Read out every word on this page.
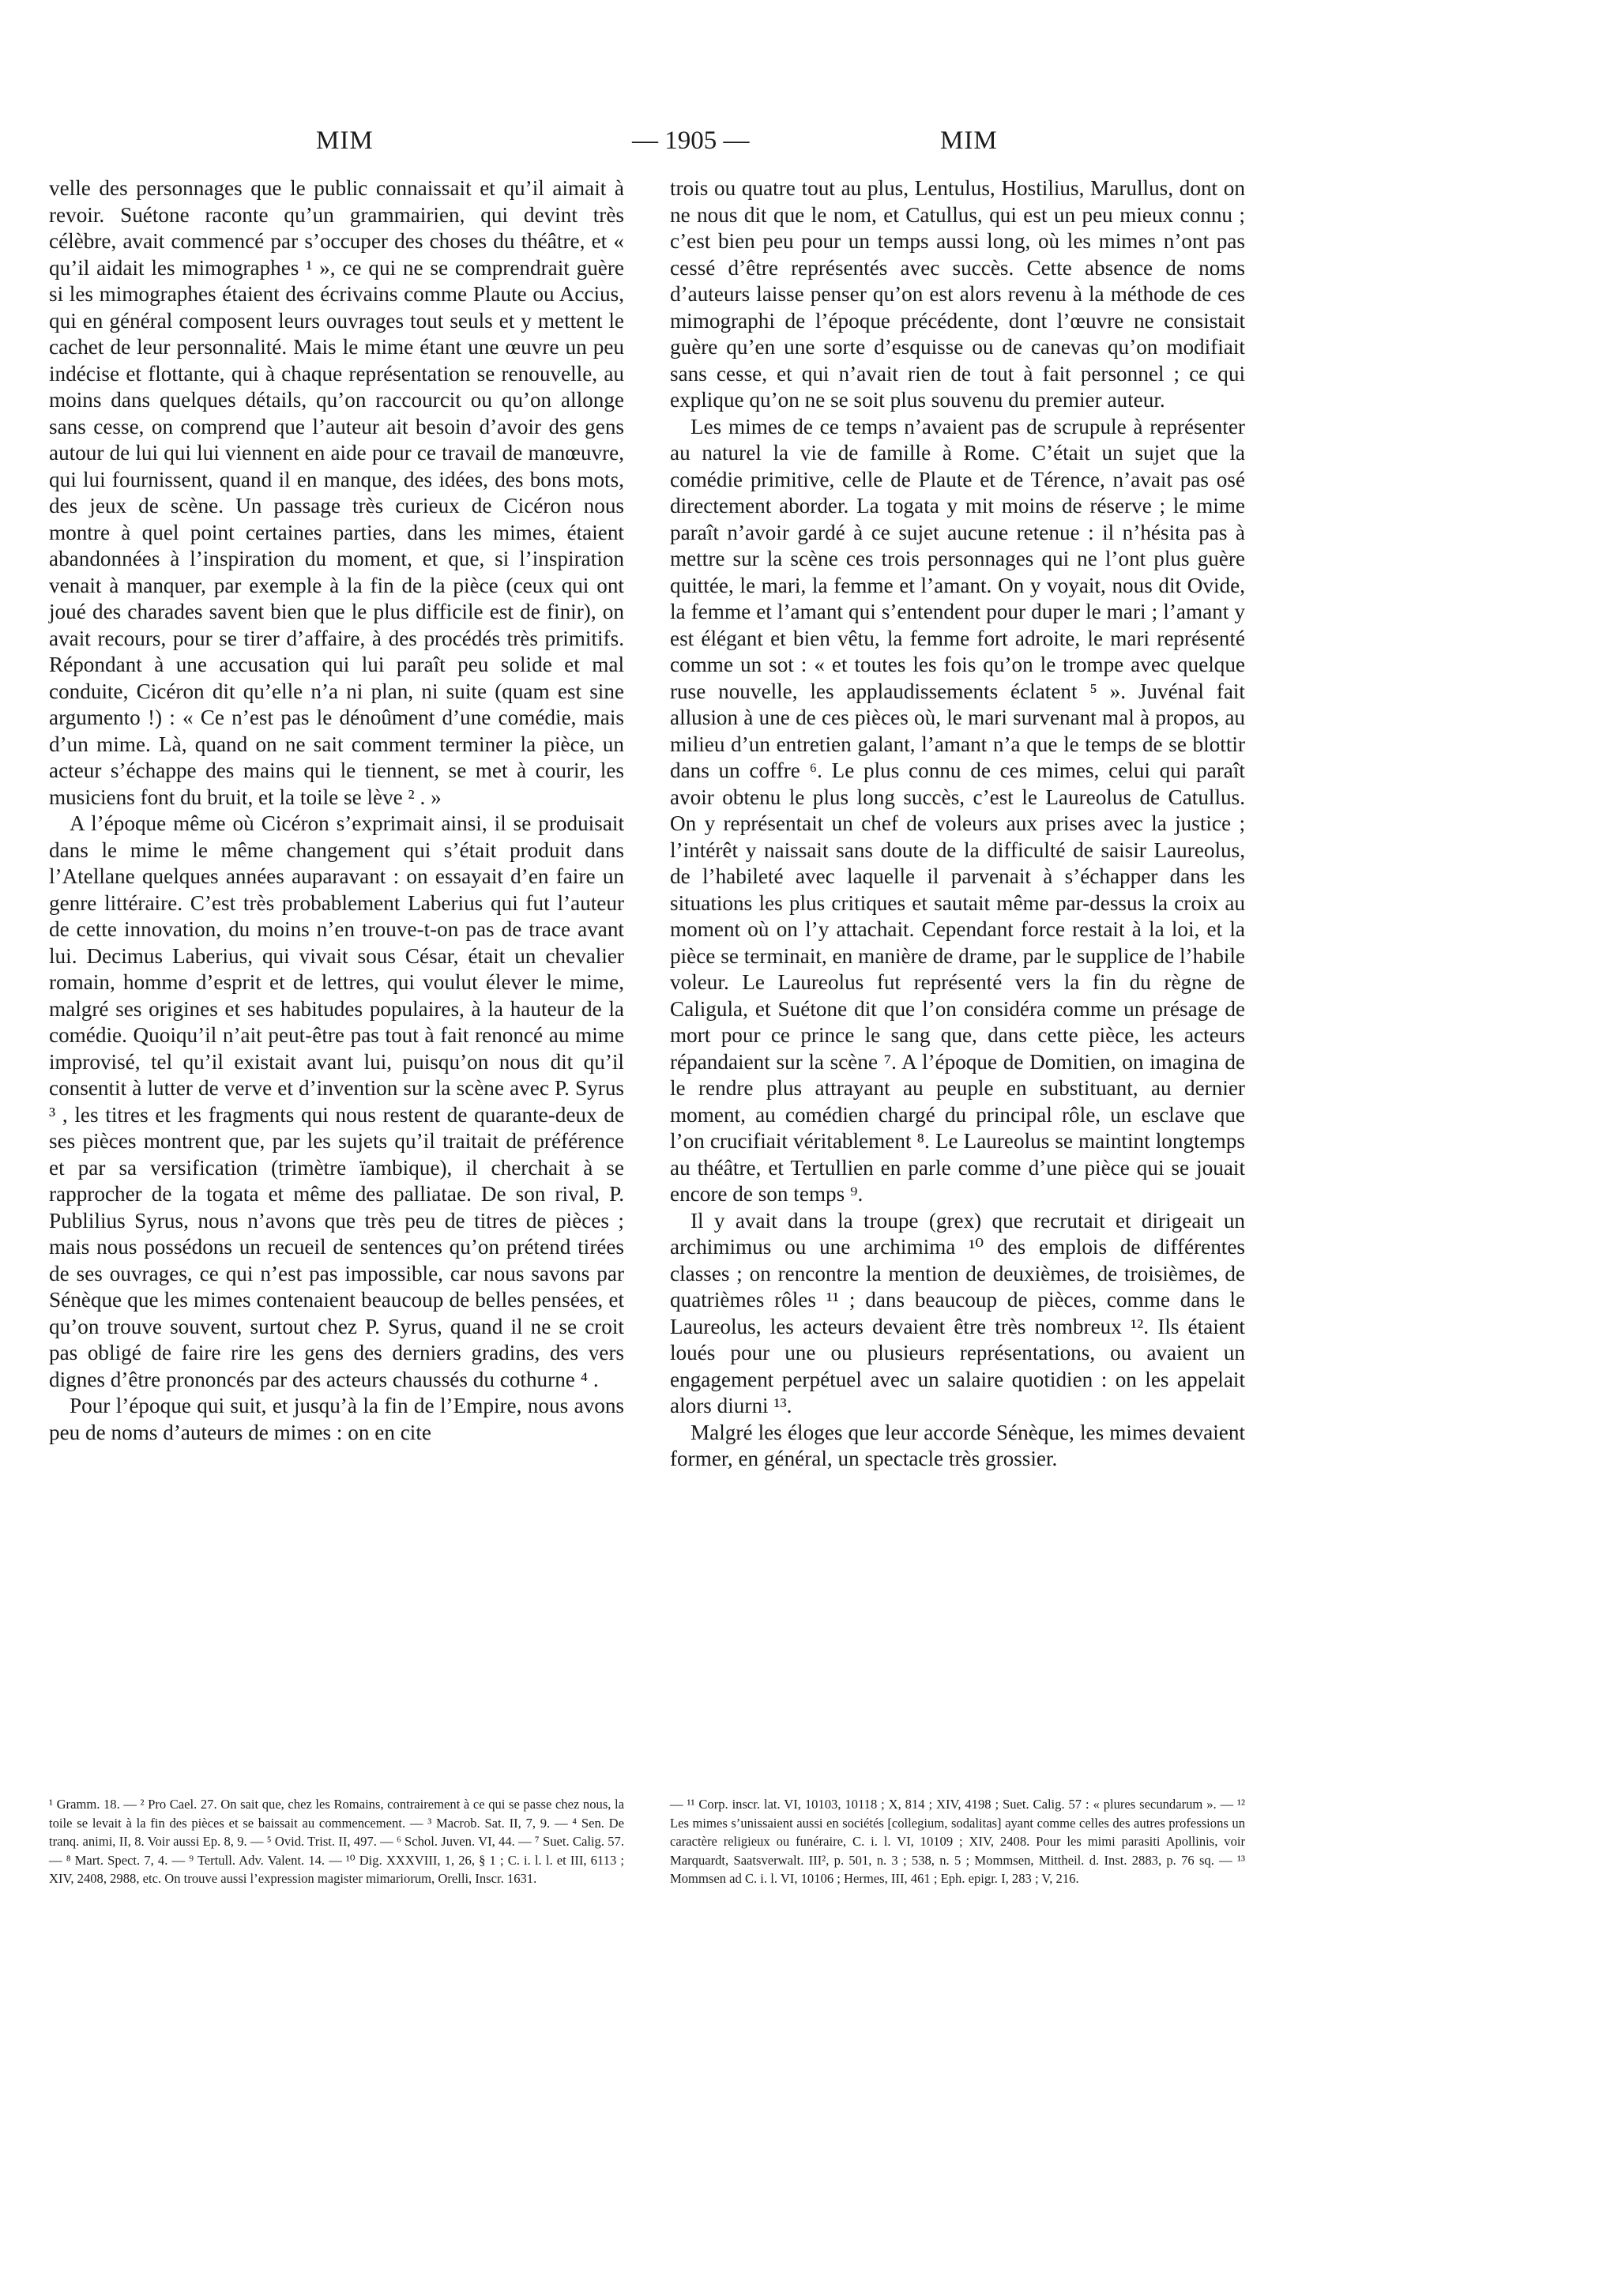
MIM	— 1905 —	MIM

velle des personnages que le public connaissait et qu’il aimait à revoir. Suétone raconte qu’un grammairien, qui devint très célèbre, avait commencé par s’occuper des choses du théâtre, et « qu’il aidait les mimographes ¹ », ce qui ne se comprendrait guère si les mimographes étaient des écrivains comme Plaute ou Accius, qui en général composent leurs ouvrages tout seuls et y mettent le cachet de leur personnalité. Mais le mime étant une œuvre un peu indécise et flottante, qui à chaque représentation se renouvelle, au moins dans quelques détails, qu’on raccourcit ou qu’on allonge sans cesse, on comprend que l’auteur ait besoin d’avoir des gens autour de lui qui lui viennent en aide pour ce travail de manœuvre, qui lui fournissent, quand il en manque, des idées, des bons mots, des jeux de scène. Un passage très curieux de Cicéron nous montre à quel point certaines parties, dans les mimes, étaient abandonnées à l’inspiration du moment, et que, si l’inspiration venait à manquer, par exemple à la fin de la pièce (ceux qui ont joué des charades savent bien que le plus difficile est de finir), on avait recours, pour se tirer d’affaire, à des procédés très primitifs. Répondant à une accusation qui lui paraît peu solide et mal conduite, Cicéron dit qu’elle n’a ni plan, ni suite (quam est sine argumento !) : « Ce n’est pas le dénoûment d’une comédie, mais d’un mime. Là, quand on ne sait comment terminer la pièce, un acteur s’échappe des mains qui le tiennent, se met à courir, les musiciens font du bruit, et la toile se lève ² . »

A l’époque même où Cicéron s’exprimait ainsi, il se produisait dans le mime le même changement qui s’était produit dans l’Atellane quelques années auparavant : on essayait d’en faire un genre littéraire. C’est très probablement Laberius qui fut l’auteur de cette innovation, du moins n’en trouve-t-on pas de trace avant lui. Decimus Laberius, qui vivait sous César, était un chevalier romain, homme d’esprit et de lettres, qui voulut élever le mime, malgré ses origines et ses habitudes populaires, à la hauteur de la comédie. Quoiqu’il n’ait peut-être pas tout à fait renoncé au mime improvisé, tel qu’il existait avant lui, puisqu’on nous dit qu’il consentit à lutter de verve et d’invention sur la scène avec P. Syrus ³ , les titres et les fragments qui nous restent de quarante-deux de ses pièces montrent que, par les sujets qu’il traitait de préférence et par sa versification (trimètre ïambique), il cherchait à se rapprocher de la togata et même des palliatae. De son rival, P. Publilius Syrus, nous n’avons que très peu de titres de pièces ; mais nous possédons un recueil de sentences qu’on prétend tirées de ses ouvrages, ce qui n’est pas impossible, car nous savons par Sénèque que les mimes contenaient beaucoup de belles pensées, et qu’on trouve souvent, surtout chez P. Syrus, quand il ne se croit pas obligé de faire rire les gens des derniers gradins, des vers dignes d’être prononcés par des acteurs chaussés du cothurne ⁴ .

Pour l’époque qui suit, et jusqu’à la fin de l’Empire, nous avons peu de noms d’auteurs de mimes : on en cite

trois ou quatre tout au plus, Lentulus, Hostilius, Marullus, dont on ne nous dit que le nom, et Catullus, qui est un peu mieux connu ; c’est bien peu pour un temps aussi long, où les mimes n’ont pas cessé d’être représentés avec succès. Cette absence de noms d’auteurs laisse penser qu’on est alors revenu à la méthode de ces mimographi de l’époque précédente, dont l’œuvre ne consistait guère qu’en une sorte d’esquisse ou de canevas qu’on modifiait sans cesse, et qui n’avait rien de tout à fait personnel ; ce qui explique qu’on ne se soit plus souvenu du premier auteur.

Les mimes de ce temps n’avaient pas de scrupule à représenter au naturel la vie de famille à Rome. C’était un sujet que la comédie primitive, celle de Plaute et de Térence, n’avait pas osé directement aborder. La togata y mit moins de réserve ; le mime paraît n’avoir gardé à ce sujet aucune retenue : il n’hésita pas à mettre sur la scène ces trois personnages qui ne l’ont plus guère quittée, le mari, la femme et l’amant. On y voyait, nous dit Ovide, la femme et l’amant qui s’entendent pour duper le mari ; l’amant y est élégant et bien vêtu, la femme fort adroite, le mari représenté comme un sot : « et toutes les fois qu’on le trompe avec quelque ruse nouvelle, les applaudissements éclatent ⁵ ». Juvénal fait allusion à une de ces pièces où, le mari survenant mal à propos, au milieu d’un entretien galant, l’amant n’a que le temps de se blottir dans un coffre ⁶. Le plus connu de ces mimes, celui qui paraît avoir obtenu le plus long succès, c’est le Laureolus de Catullus. On y représentait un chef de voleurs aux prises avec la justice ; l’intérêt y naissait sans doute de la difficulté de saisir Laureolus, de l’habileté avec laquelle il parvenait à s’échapper dans les situations les plus critiques et sautait même par-dessus la croix au moment où on l’y attachait. Cependant force restait à la loi, et la pièce se terminait, en manière de drame, par le supplice de l’habile voleur. Le Laureolus fut représenté vers la fin du règne de Caligula, et Suétone dit que l’on considéra comme un présage de mort pour ce prince le sang que, dans cette pièce, les acteurs répandaient sur la scène ⁷. A l’époque de Domitien, on imagina de le rendre plus attrayant au peuple en substituant, au dernier moment, au comédien chargé du principal rôle, un esclave que l’on crucifiait véritablement ⁸. Le Laureolus se maintint longtemps au théâtre, et Tertullien en parle comme d’une pièce qui se jouait encore de son temps ⁹.

Il y avait dans la troupe (grex) que recrutait et dirigeait un archimimus ou une archimima ¹⁰ des emplois de différentes classes ; on rencontre la mention de deuxièmes, de troisièmes, de quatrièmes rôles ¹¹ ; dans beaucoup de pièces, comme dans le Laureolus, les acteurs devaient être très nombreux ¹². Ils étaient loués pour une ou plusieurs représentations, ou avaient un engagement perpétuel avec un salaire quotidien : on les appelait alors diurni ¹³.

Malgré les éloges que leur accorde Sénèque, les mimes devaient former, en général, un spectacle très grossier.

¹ Gramm. 18. — ² Pro Cael. 27. On sait que, chez les Romains, contrairement à ce qui se passe chez nous, la toile se levait à la fin des pièces et se baissait au commencement. — ³ Macrob. Sat. II, 7, 9. — ⁴ Sen. De tranq. animi, II, 8. Voir aussi Ep. 8, 9. — ⁵ Ovid. Trist. II, 497. — ⁶ Schol. Juven. VI, 44. — ⁷ Suet. Calig. 57. — ⁸ Mart. Spect. 7, 4. — ⁹ Tertull. Adv. Valent. 14. — ¹⁰ Dig. XXXVIII, 1, 26, § 1 ; C. i. l. l. et III, 6113 ; XIV, 2408, 2988, etc. On trouve aussi l’expression magister mimariorum, Orelli, Inscr. 1631.

— ¹¹ Corp. inscr. lat. VI, 10103, 10118 ; X, 814 ; XIV, 4198 ; Suet. Calig. 57 : « plures secundarum ». — ¹² Les mimes s’unissaient aussi en sociétés [collegium, sodalitas] ayant comme celles des autres professions un caractère religieux ou funéraire, C. i. l. VI, 10109 ; XIV, 2408. Pour les mimi parasiti Apollinis, voir Marquardt, Saatsverwalt. III², p. 501, n. 3 ; 538, n. 5 ; Mommsen, Mittheil. d. Inst. 2883, p. 76 sq. — ¹³ Mommsen ad C. i. l. VI, 10106 ; Hermes, III, 461 ; Eph. epigr. I, 283 ; V, 216.
